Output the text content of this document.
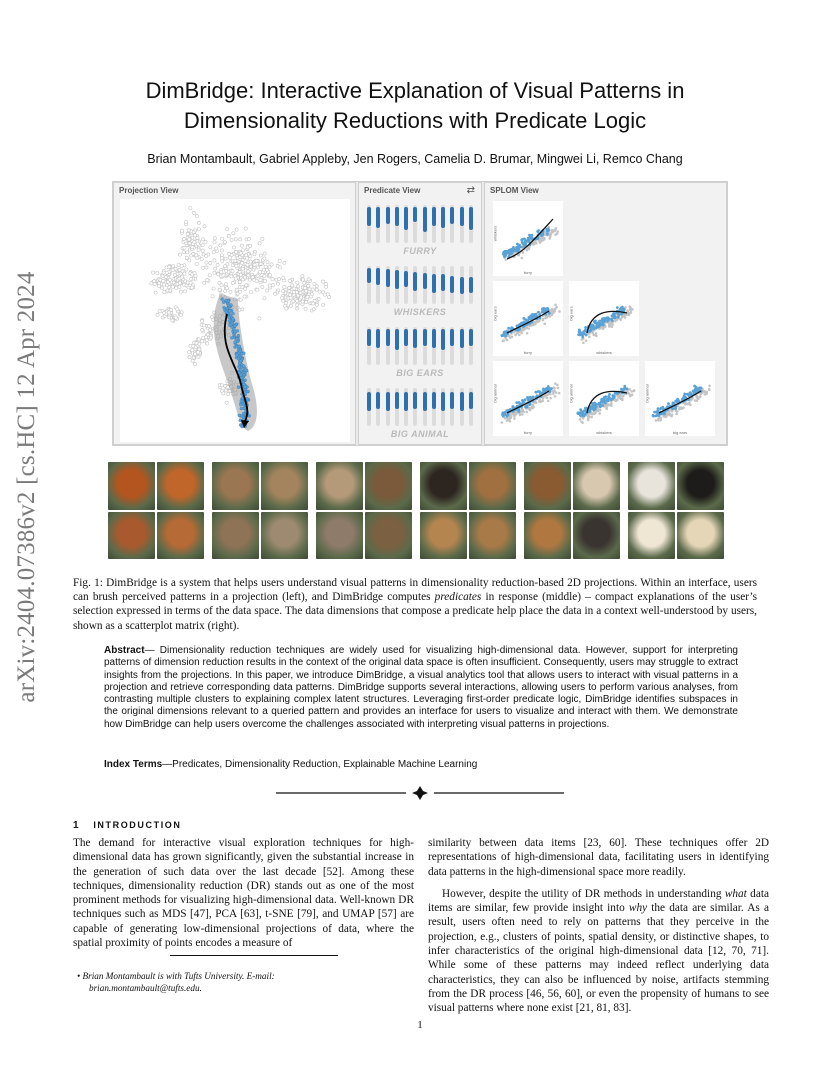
arXiv:2404.07386v2 [cs.HC] 12 Apr 2024
DimBridge: Interactive Explanation of Visual Patterns in
Dimensionality Reductions with Predicate Logic
Brian Montambault, Gabriel Appleby, Jen Rogers, Camelia D. Brumar, Mingwei Li, Remco Chang
Projection View	Predicate View	⇄
FURRY
WHISKERS
BIG EARS
BIG ANIMAL
SPLOM View
furry
whiskers
furry
big ears
whiskers
big ears
furry
big animal
whiskers
big animal
big ears
big animal
Fig. 1: DimBridge is a system that helps users understand visual patterns in dimensionality reduction-based 2D projections. Within an interface, users can brush perceived patterns in a projection (left), and DimBridge computes predicates in response (middle) – compact explanations of the user’s selection expressed in terms of the data space. The data dimensions that compose a predicate help place the data in a context well-understood by users, shown as a scatterplot matrix (right).
Abstract— Dimensionality reduction techniques are widely used for visualizing high-dimensional data. However, support for interpreting patterns of dimension reduction results in the context of the original data space is often insufficient. Consequently, users may struggle to extract insights from the projections. In this paper, we introduce DimBridge, a visual analytics tool that allows users to interact with visual patterns in a projection and retrieve corresponding data patterns. DimBridge supports several interactions, allowing users to perform various analyses, from contrasting multiple clusters to explaining complex latent structures. Leveraging first-order predicate logic, DimBridge identifies subspaces in the original dimensions relevant to a queried pattern and provides an interface for users to visualize and interact with them. We demonstrate how DimBridge can help users overcome the challenges associated with interpreting visual patterns in projections.
Index Terms—Predicates, Dimensionality Reduction, Explainable Machine Learning
1 INTRODUCTION

The demand for interactive visual exploration techniques for high-dimensional data has grown significantly, given the substantial increase in the generation of such data over the last decade [52]. Among these techniques, dimensionality reduction (DR) stands out as one of the most prominent methods for visualizing high-dimensional data. Well-known DR techniques such as MDS [47], PCA [63], t-SNE [79], and UMAP [57] are capable of generating low-dimensional projections of data, where the spatial proximity of points encodes a measure of

• Brian Montambault is with Tufts University. E-mail:
brian.montambault@tufts.edu.

similarity between data items [23, 60]. These techniques offer 2D representations of high-dimensional data, facilitating users in identifying data patterns in the high-dimensional space more readily.

However, despite the utility of DR methods in understanding what data items are similar, few provide insight into why the data are similar. As a result, users often need to rely on patterns that they perceive in the projection, e.g., clusters of points, spatial density, or distinctive shapes, to infer characteristics of the original high-dimensional data [12, 70, 71]. While some of these patterns may indeed reflect underlying data characteristics, they can also be influenced by noise, artifacts stemming from the DR process [46, 56, 60], or even the propensity of humans to see visual patterns where none exist [21, 81, 83].

1
